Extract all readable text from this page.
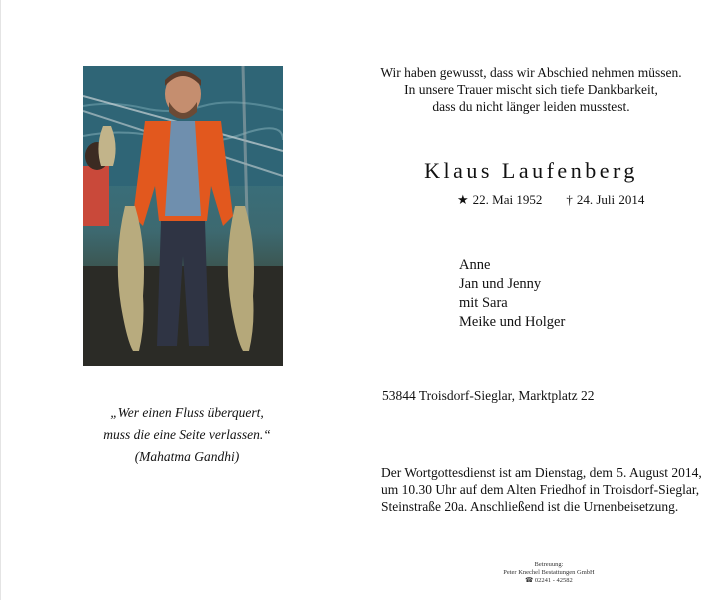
„Wer einen Fluss überquert,
muss die eine Seite verlassen.“
(Mahatma Gandhi)
Wir haben gewusst, dass wir Abschied nehmen müssen.
In unsere Trauer mischt sich tiefe Dankbarkeit,
dass du nicht länger leiden musstest.
Klaus Laufenberg
★ 22. Mai 1952 † 24. Juli 2014
Anne
Jan und Jenny
mit Sara
Meike und Holger
53844 Troisdorf-Sieglar, Marktplatz 22
Der Wortgottesdienst ist am Dienstag, dem 5. August 2014,
um 10.30 Uhr auf dem Alten Friedhof in Troisdorf-Sieglar,
Steinstraße 20a. Anschließend ist die Urnenbeisetzung.
Betreuung:
Peter Knechel Bestattungen GmbH
☎ 02241 - 42582
